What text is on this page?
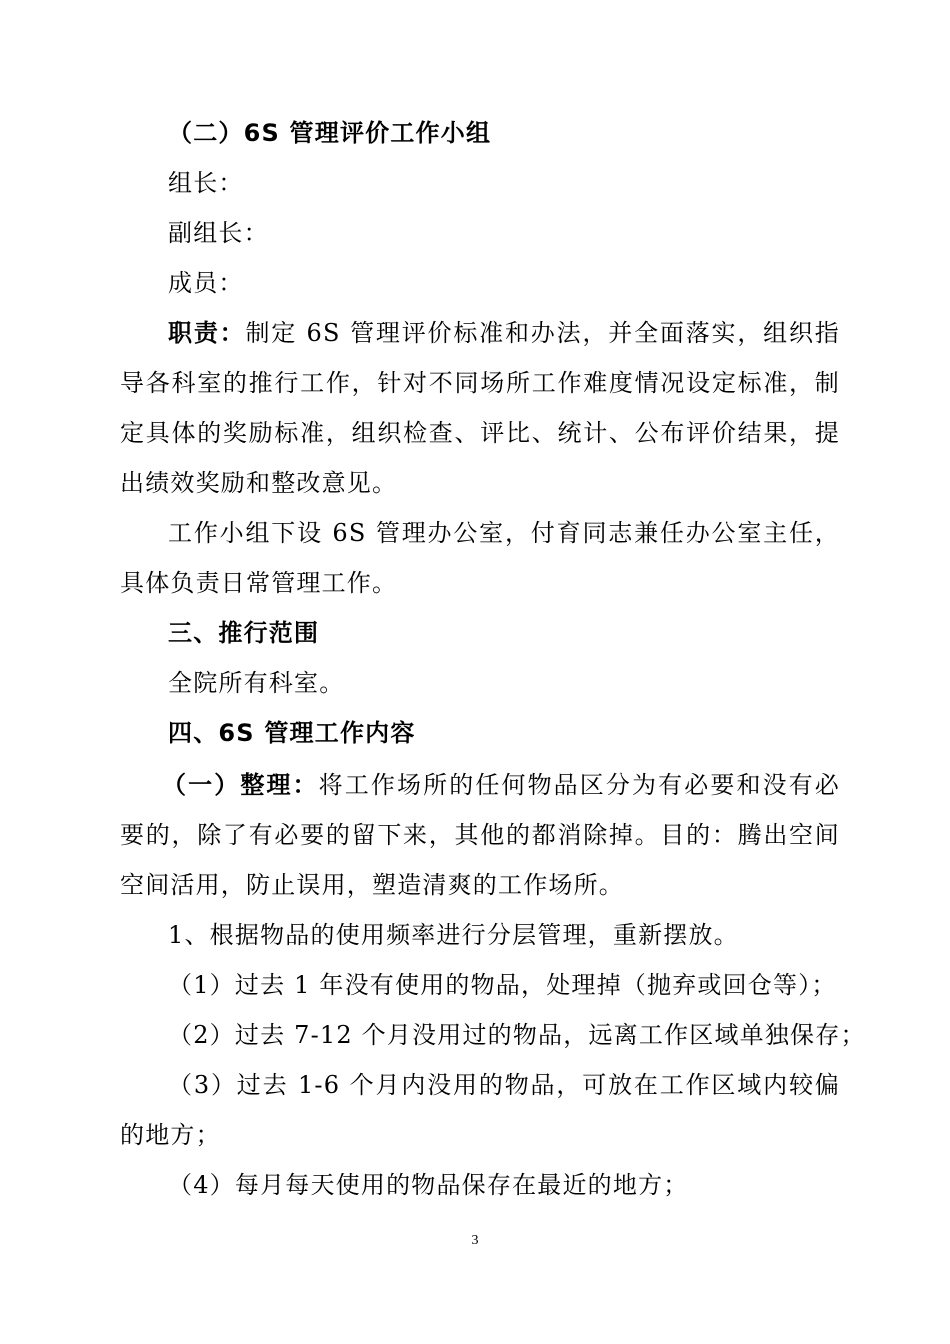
（二）6S 管理评价工作小组
组长：
副组长：
成员：
职责：制定 6S 管理评价标准和办法，并全面落实，组织指
导各科室的推行工作，针对不同场所工作难度情况设定标准，制
定具体的奖励标准，组织检查、评比、统计、公布评价结果，提
出绩效奖励和整改意见。
工作小组下设 6S 管理办公室，付育同志兼任办公室主任，
具体负责日常管理工作。
三、推行范围
全院所有科室。
四、6S 管理工作内容
（一）整理：将工作场所的任何物品区分为有必要和没有必
要的，除了有必要的留下来，其他的都消除掉。目的：腾出空间
空间活用，防止误用，塑造清爽的工作场所。
1、根据物品的使用频率进行分层管理，重新摆放。
（1）过去 1 年没有使用的物品，处理掉（抛弃或回仓等）；
（2）过去 7-12 个月没用过的物品，远离工作区域单独保存；
（3）过去 1-6 个月内没用的物品，可放在工作区域内较偏
的地方；
（4）每月每天使用的物品保存在最近的地方；
3
